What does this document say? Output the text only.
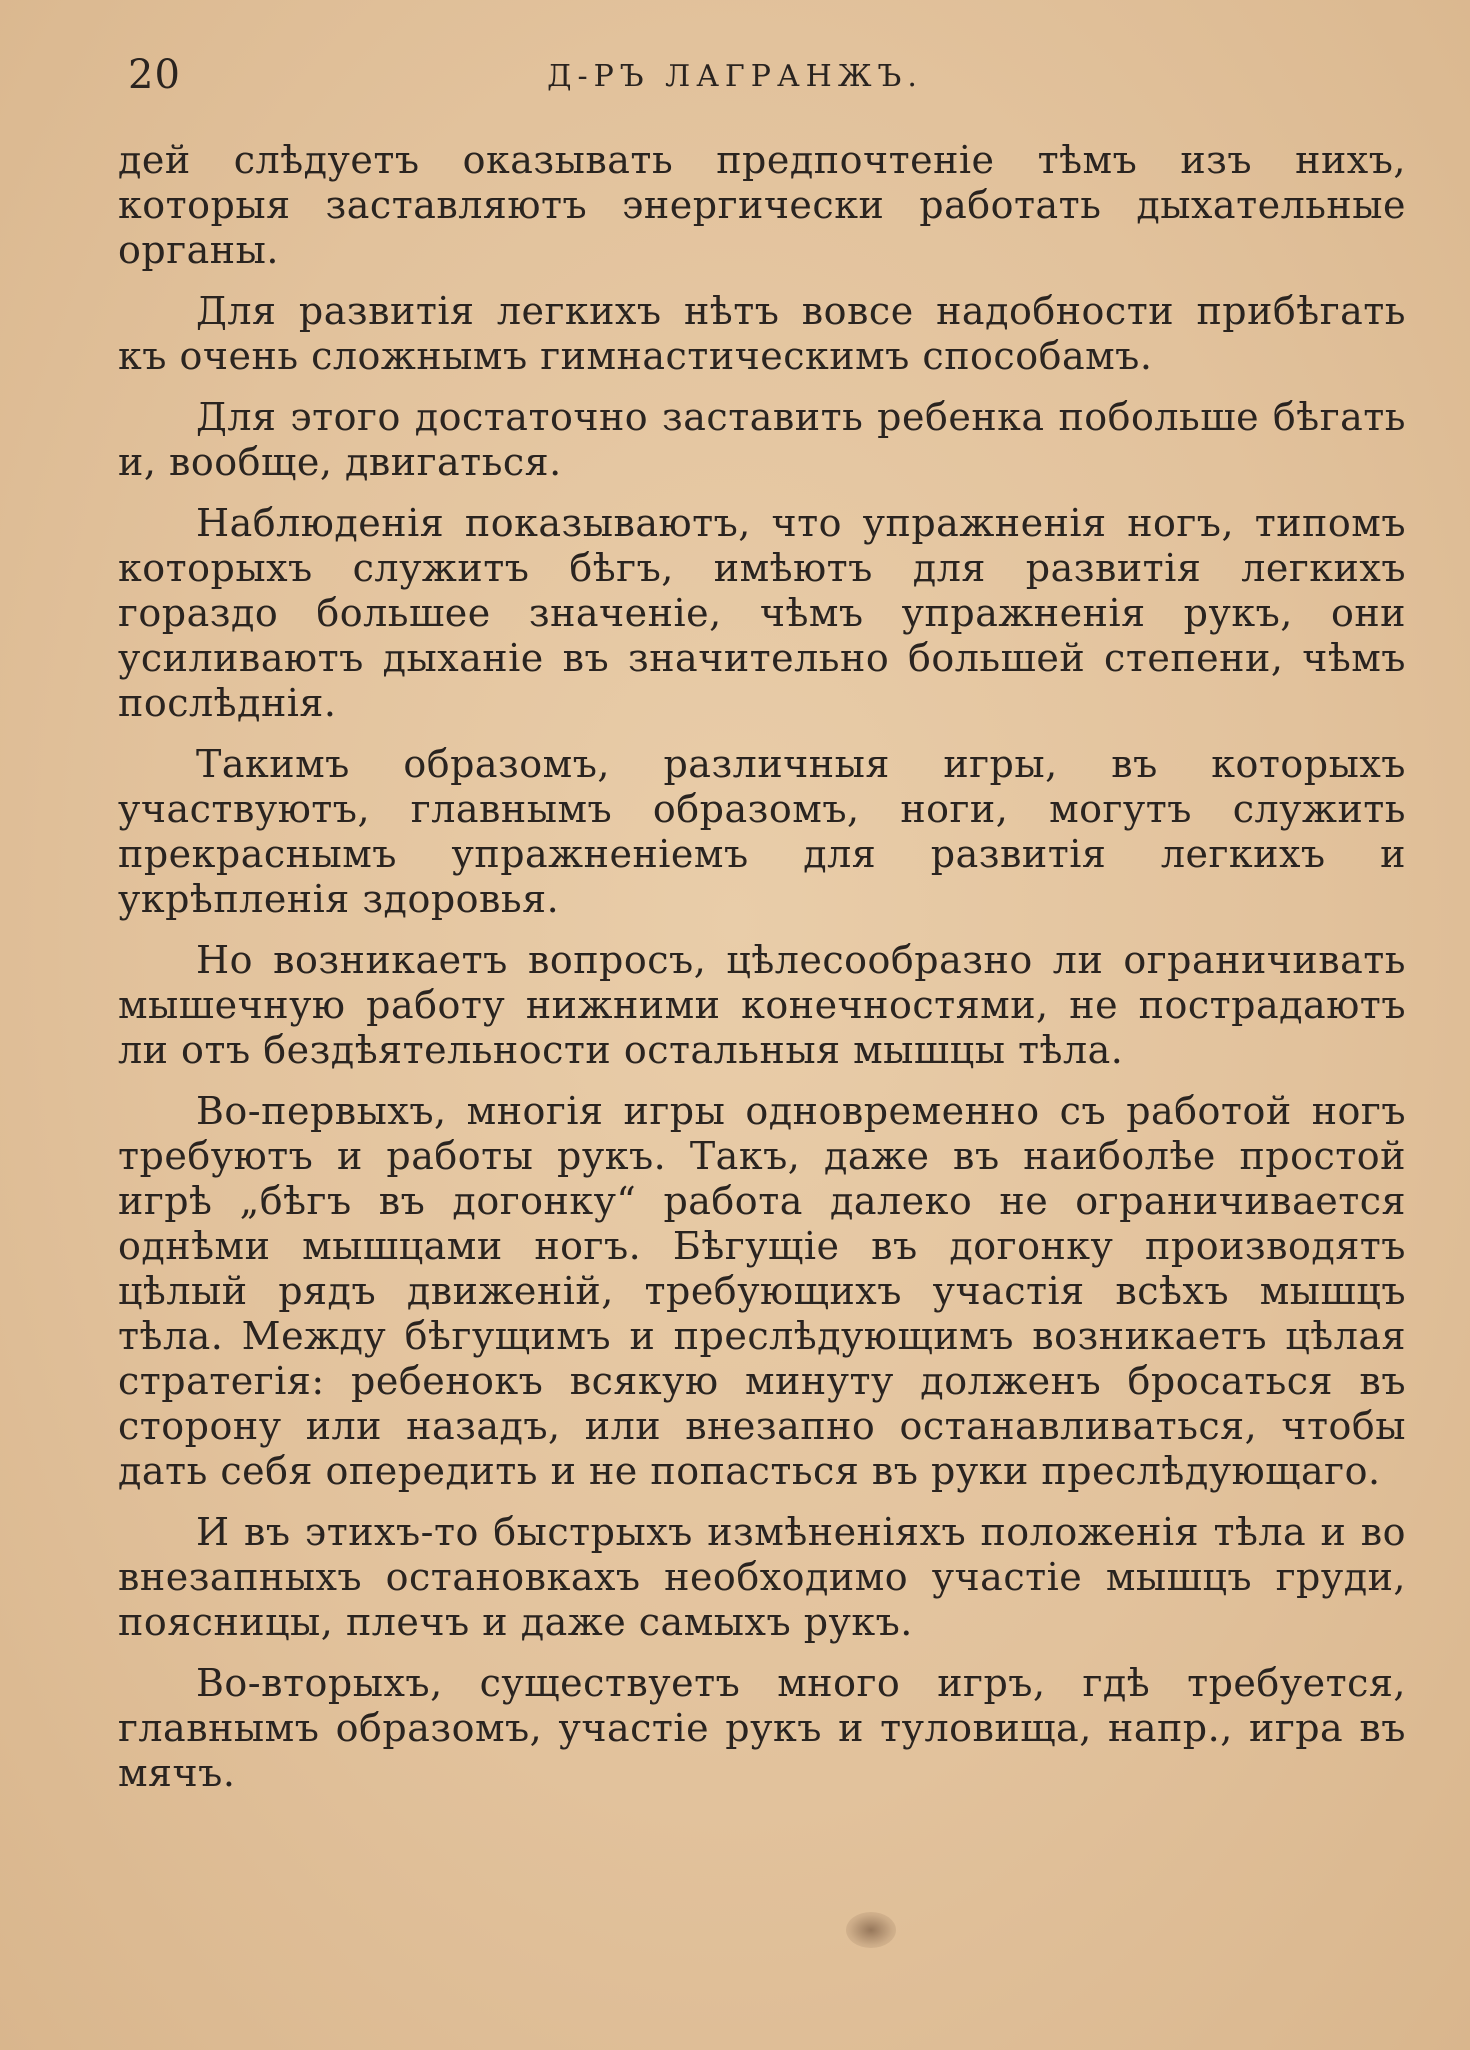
20	Д-РЪ ЛАГРАНЖЪ.

дей слѣдуетъ оказывать предпочтенiе тѣмъ изъ нихъ, которыя заставляютъ энергически работать дыхательные органы.

Для развитiя легкихъ нѣтъ вовсе надобности прибѣгать къ очень сложнымъ гимнастическимъ способамъ.

Для этого достаточно заставить ребенка побольше бѣгать и, вообще, двигаться.

Наблюденiя показываютъ, что упражненiя ногъ, типомъ которыхъ служитъ бѣгъ, имѣютъ для развитiя легкихъ гораздо большее значенiе, чѣмъ упражненiя рукъ, они усиливаютъ дыханiе въ значительно большей степени, чѣмъ послѣднiя.

Такимъ образомъ, различныя игры, въ которыхъ участвуютъ, главнымъ образомъ, ноги, могутъ служить прекраснымъ упражненiемъ для развитiя легкихъ и укрѣпленiя здоровья.

Но возникаетъ вопросъ, цѣлесообразно ли ограничивать мышечную работу нижними конечностями, не пострадаютъ ли отъ бездѣятельности остальныя мышцы тѣла.

Во-первыхъ, многiя игры одновременно съ работой ногъ требуютъ и работы рукъ. Такъ, даже въ наиболѣе простой игрѣ „бѣгъ въ догонку“ работа далеко не ограничивается однѣми мышцами ногъ. Бѣгущiе въ догонку производятъ цѣлый рядъ движенiй, требующихъ участiя всѣхъ мышцъ тѣла. Между бѣгущимъ и преслѣдующимъ возникаетъ цѣлая стратегiя: ребенокъ всякую минуту долженъ бросаться въ сторону или назадъ, или внезапно останавливаться, чтобы дать себя опередить и не попасться въ руки преслѣдующаго.

И въ этихъ-то быстрыхъ измѣненiяхъ положенiя тѣла и во внезапныхъ остановкахъ необходимо участiе мышцъ груди, поясницы, плечъ и даже самыхъ рукъ.

Во-вторыхъ, существуетъ много игръ, гдѣ требуется, главнымъ образомъ, участiе рукъ и туловища, напр., игра въ мячъ.
